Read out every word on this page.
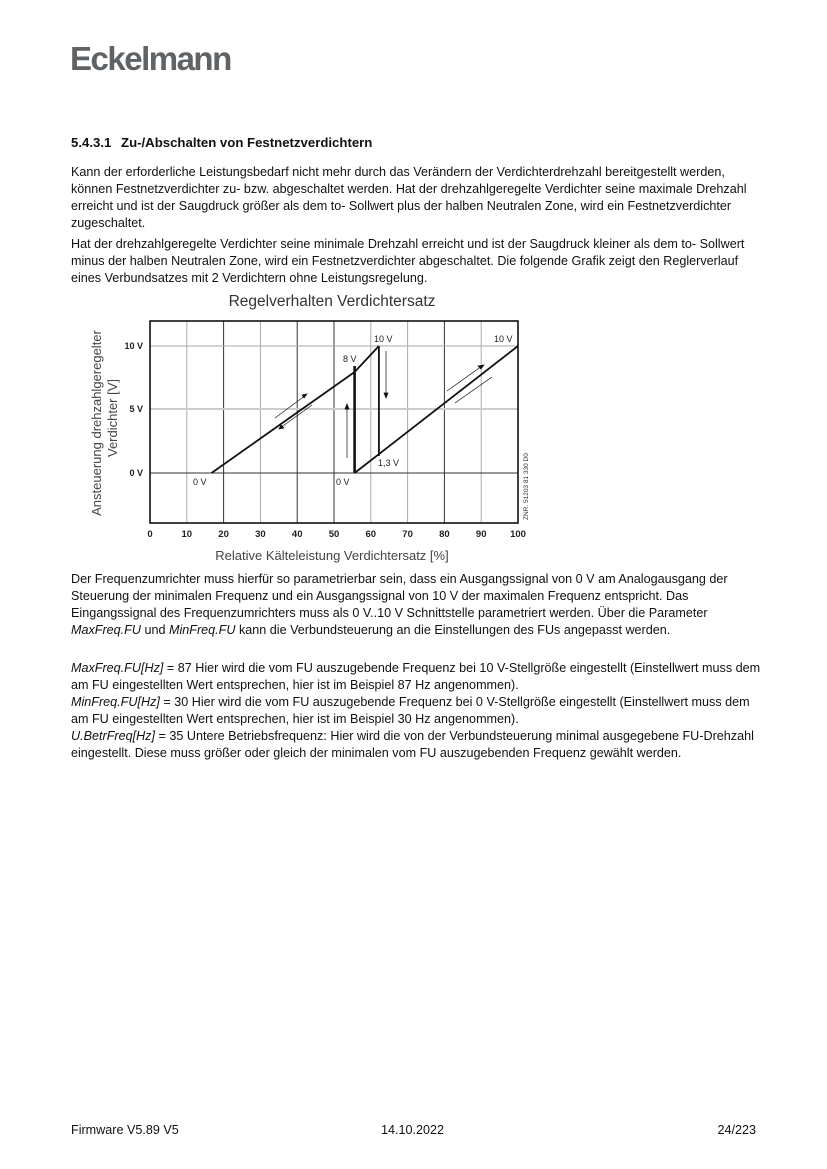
Eckelmann
5.4.3.1 Zu-/Abschalten von Festnetzverdichtern
Kann der erforderliche Leistungsbedarf nicht mehr durch das Verändern der Verdichterdrehzahl bereitgestellt werden, können Festnetzverdichter zu- bzw. abgeschaltet werden. Hat der drehzahlgeregelte Verdichter seine maximale Drehzahl erreicht und ist der Saugdruck größer als dem to- Sollwert plus der halben Neutralen Zone, wird ein Festnetzverdichter zugeschaltet.
Hat der drehzahlgeregelte Verdichter seine minimale Drehzahl erreicht und ist der Saugdruck kleiner als dem to- Sollwert minus der halben Neutralen Zone, wird ein Festnetzverdichter abgeschaltet. Die folgende Grafik zeigt den Reglerverlauf eines Verbundsatzes mit 2 Verdichtern ohne Leistungsregelung.
Regelverhalten Verdichtersatz
Ansteuerung drehzahlgeregelter Verdichter [V]
10 V
5 V
0 V
0	10	20	30	40	50	60	70	80	90 100
Relative Kälteleistung Verdichtersatz [%]
0 V	0 V
8 V
10 V	10 V
1,3 V	ZNR. 51203 81 330 D0
Der Frequenzumrichter muss hierfür so parametrierbar sein, dass ein Ausgangssignal von 0 V am Analogausgang der Steuerung der minimalen Frequenz und ein Ausgangssignal von 10 V der maximalen Frequenz entspricht. Das Eingangssignal des Frequenzumrichters muss als 0 V..10 V Schnittstelle parametriert werden. Über die Parameter MaxFreq.FU und MinFreq.FU kann die Verbundsteuerung an die Einstellungen des FUs angepasst werden.
MaxFreq.FU[Hz] = 87 Hier wird die vom FU auszugebende Frequenz bei 10 V-Stellgröße eingestellt (Einstellwert muss dem am FU eingestellten Wert entsprechen, hier ist im Beispiel 87 Hz angenommen).
MinFreq.FU[Hz] = 30 Hier wird die vom FU auszugebende Frequenz bei 0 V-Stellgröße eingestellt (Einstellwert muss dem am FU eingestellten Wert entsprechen, hier ist im Beispiel 30 Hz angenommen).
U.BetrFreq[Hz] = 35 Untere Betriebsfrequenz: Hier wird die von der Verbundsteuerung minimal ausgegebene FU-Drehzahl eingestellt. Diese muss größer oder gleich der minimalen vom FU auszugebenden Frequenz gewählt werden.
Firmware V5.89 V5	14.10.2022	24/223
